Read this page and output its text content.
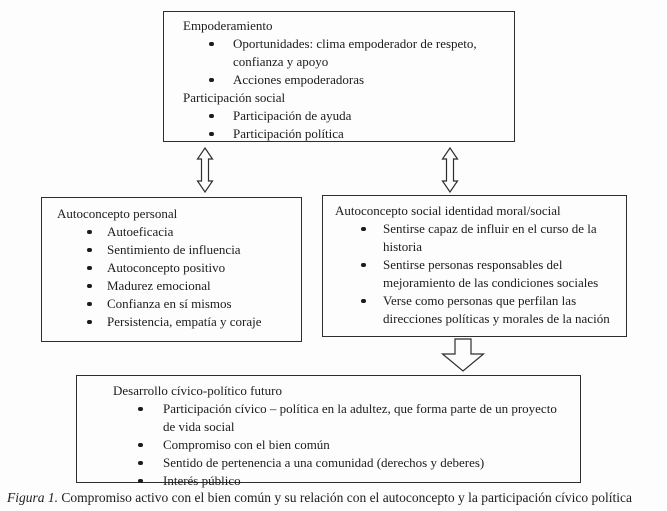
Empoderamiento
Oportunidades: clima empoderador de respeto, confianza y apoyo
Acciones empoderadoras
Participación social
Participación de ayuda
Participación política
Autoconcepto personal
Autoeficacia
Sentimiento de influencia
Autoconcepto positivo
Madurez emocional
Confianza en sí mismos
Persistencia, empatía y coraje
Autoconcepto social identidad moral/social
Sentirse capaz de influir en el curso de la historia
Sentirse personas responsables del mejoramiento de las condiciones sociales
Verse como personas que perfilan las direcciones políticas y morales de la nación
Desarrollo cívico-político futuro
Participación cívico – política en la adultez, que forma parte de un proyecto de vida social
Compromiso con el bien común
Sentido de pertenencia a una comunidad (derechos y deberes)
Interés público
Figura 1. Compromiso activo con el bien común y su relación con el autoconcepto y la participación cívico política
